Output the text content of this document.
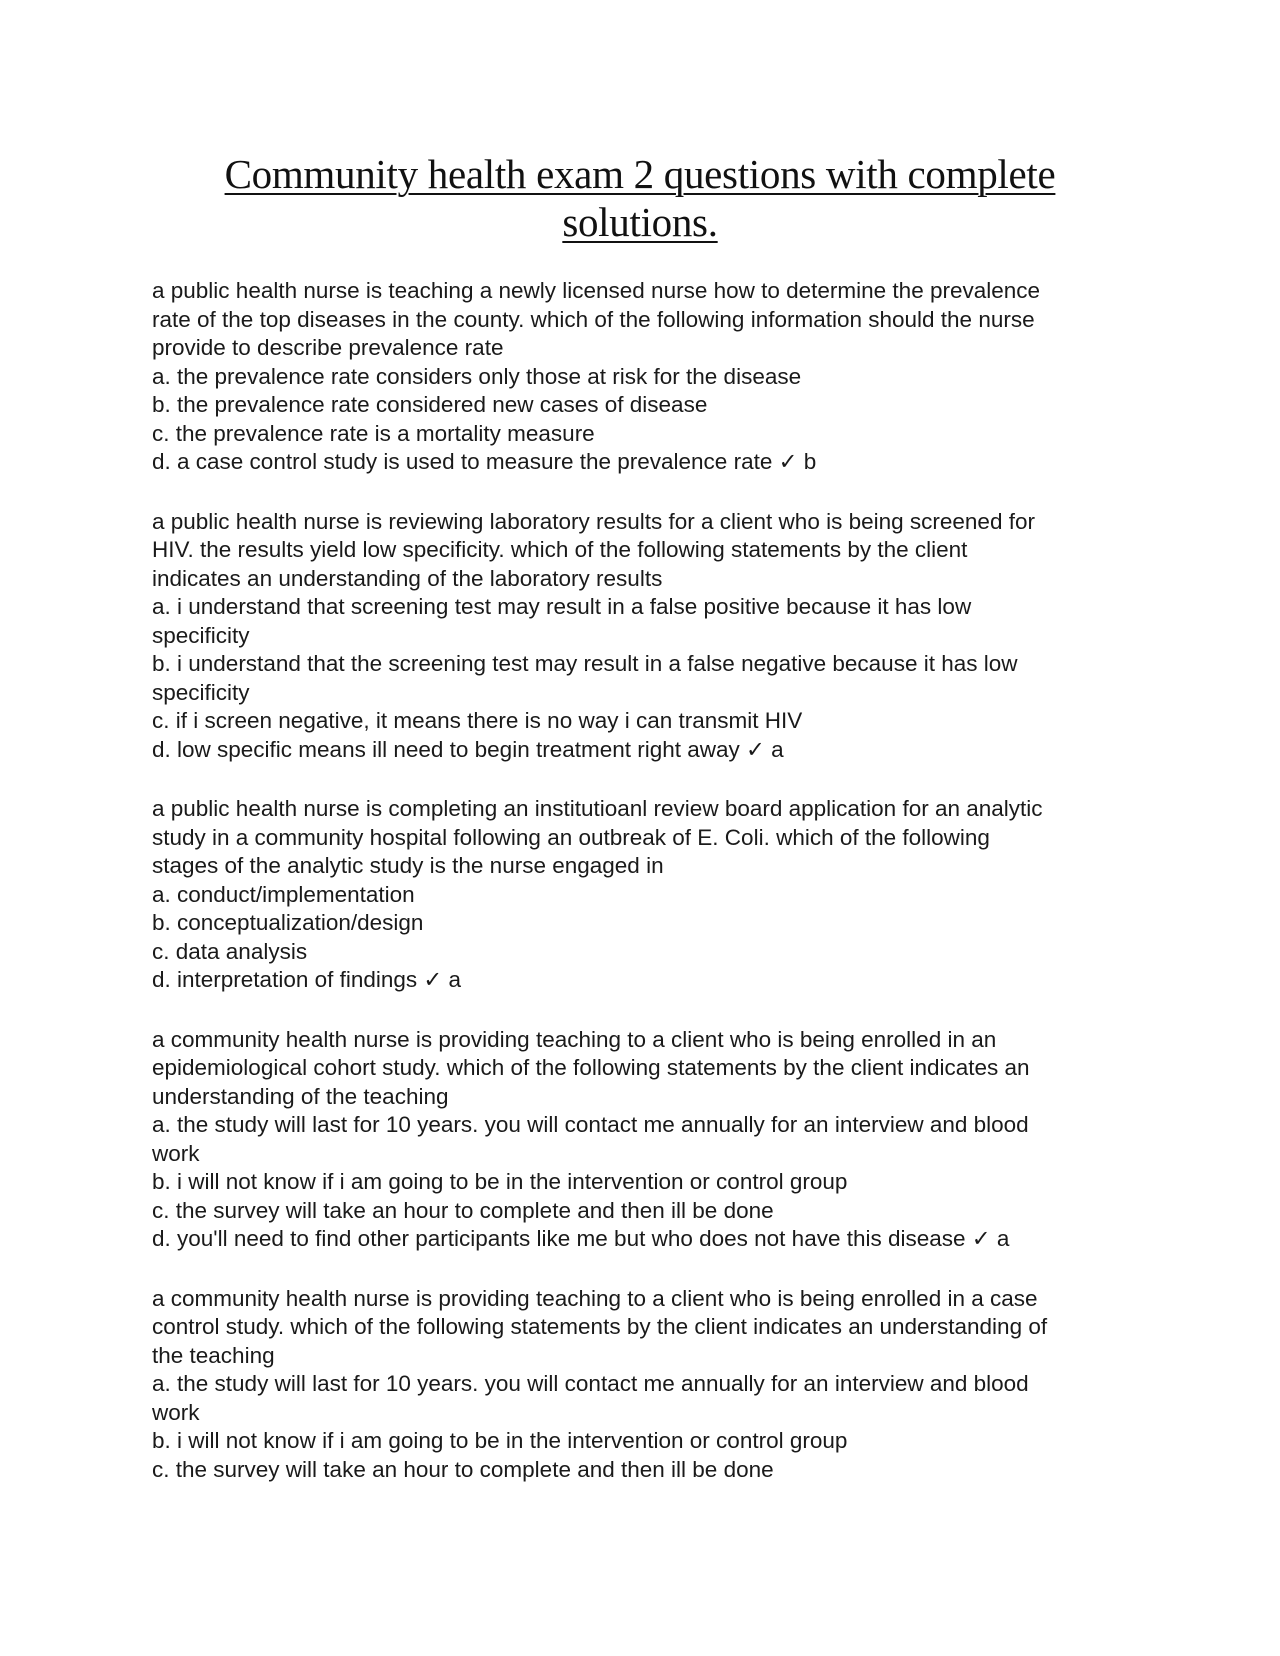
Community health exam 2 questions with complete
solutions.
a public health nurse is teaching a newly licensed nurse how to determine the prevalence
rate of the top diseases in the county. which of the following information should the nurse
provide to describe prevalence rate
a. the prevalence rate considers only those at risk for the disease
b. the prevalence rate considered new cases of disease
c. the prevalence rate is a mortality measure
d. a case control study is used to measure the prevalence rate ✓ b
a public health nurse is reviewing laboratory results for a client who is being screened for
HIV. the results yield low specificity. which of the following statements by the client
indicates an understanding of the laboratory results
a. i understand that screening test may result in a false positive because it has low
specificity
b. i understand that the screening test may result in a false negative because it has low
specificity
c. if i screen negative, it means there is no way i can transmit HIV
d. low specific means ill need to begin treatment right away ✓ a
a public health nurse is completing an institutioanl review board application for an analytic
study in a community hospital following an outbreak of E. Coli. which of the following
stages of the analytic study is the nurse engaged in
a. conduct/implementation
b. conceptualization/design
c. data analysis
d. interpretation of findings ✓ a
a community health nurse is providing teaching to a client who is being enrolled in an
epidemiological cohort study. which of the following statements by the client indicates an
understanding of the teaching
a. the study will last for 10 years. you will contact me annually for an interview and blood
work
b. i will not know if i am going to be in the intervention or control group
c. the survey will take an hour to complete and then ill be done
d. you'll need to find other participants like me but who does not have this disease ✓ a
a community health nurse is providing teaching to a client who is being enrolled in a case
control study. which of the following statements by the client indicates an understanding of
the teaching
a. the study will last for 10 years. you will contact me annually for an interview and blood
work
b. i will not know if i am going to be in the intervention or control group
c. the survey will take an hour to complete and then ill be done
